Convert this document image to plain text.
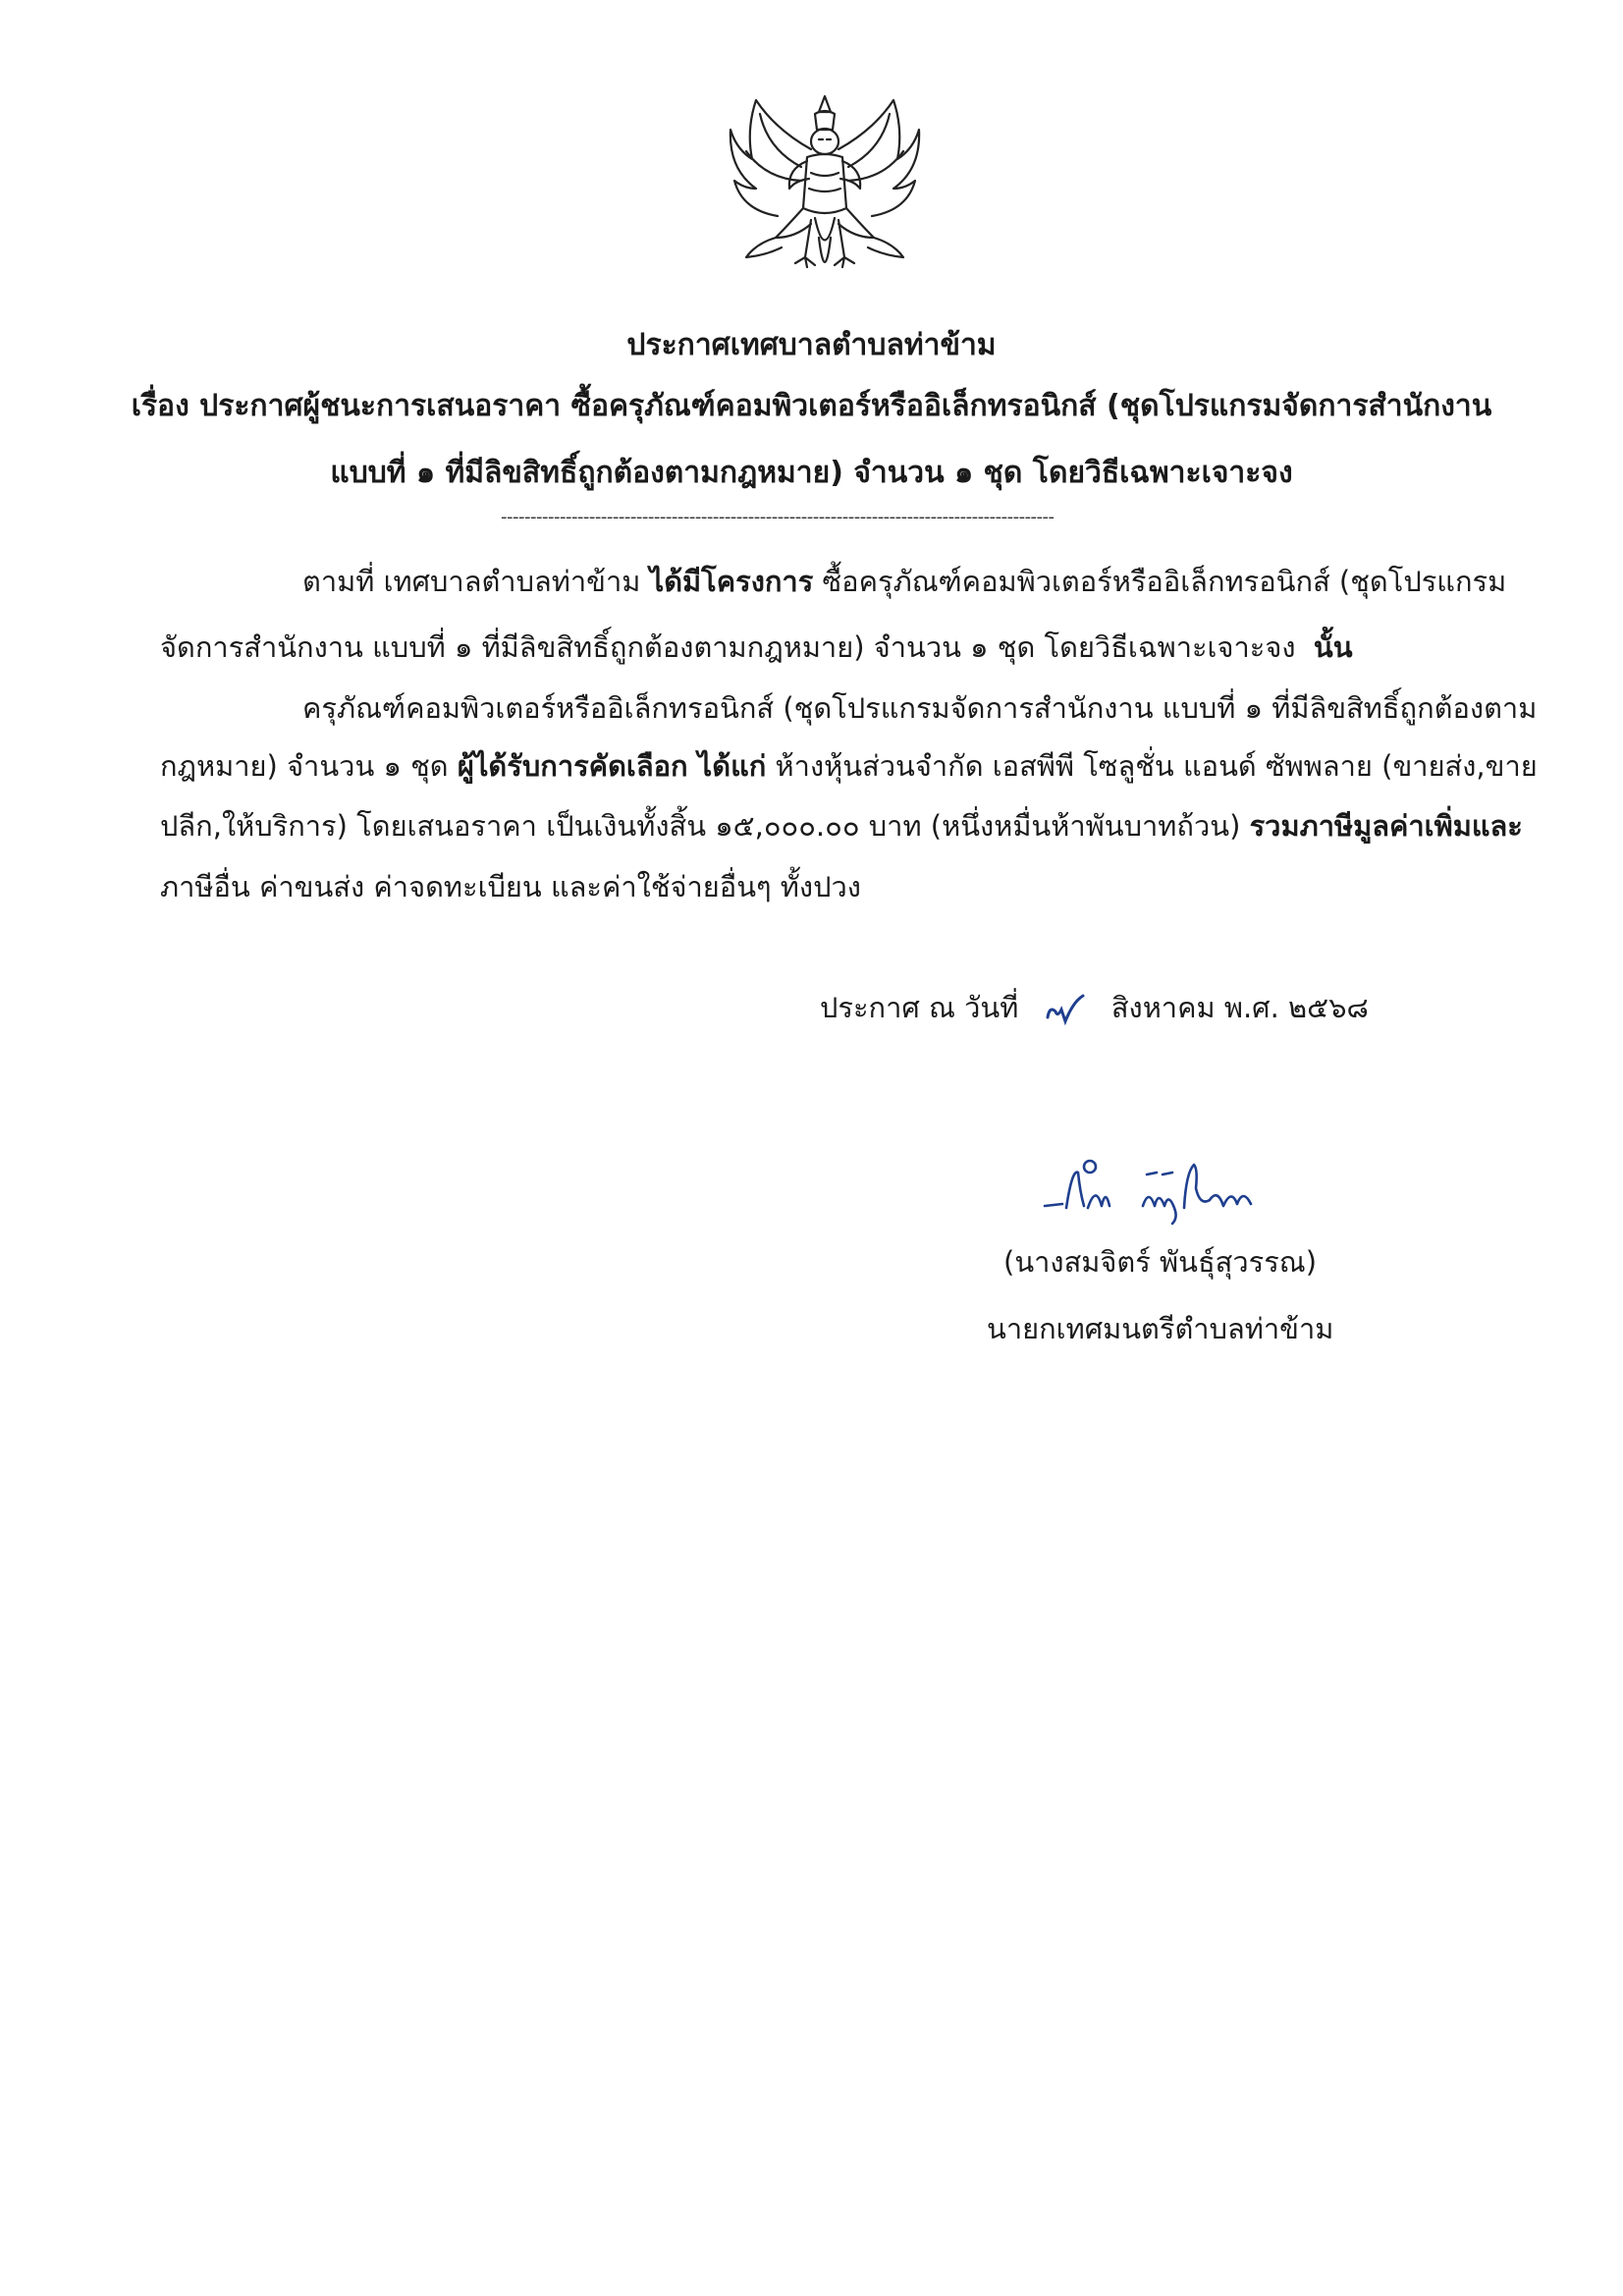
ประกาศเทศบาลตำบลท่าข้าม
เรื่อง ประกาศผู้ชนะการเสนอราคา ซื้อครุภัณฑ์คอมพิวเตอร์หรืออิเล็กทรอนิกส์ (ชุดโปรแกรมจัดการสำนักงาน
แบบที่ ๑ ที่มีลิขสิทธิ์ถูกต้องตามกฎหมาย) จำนวน ๑ ชุด โดยวิธีเฉพาะเจาะจง
----------------------------------------------------------------------------------------------
ตามที่ เทศบาลตำบลท่าข้าม ได้มีโครงการ ซื้อครุภัณฑ์คอมพิวเตอร์หรืออิเล็กทรอนิกส์ (ชุดโปรแกรม
จัดการสำนักงาน แบบที่ ๑ ที่มีลิขสิทธิ์ถูกต้องตามกฎหมาย) จำนวน ๑ ชุด โดยวิธีเฉพาะเจาะจง นั้น
ครุภัณฑ์คอมพิวเตอร์หรืออิเล็กทรอนิกส์ (ชุดโปรแกรมจัดการสำนักงาน แบบที่ ๑ ที่มีลิขสิทธิ์ถูกต้องตาม
กฎหมาย) จำนวน ๑ ชุด ผู้ได้รับการคัดเลือก ได้แก่ ห้างหุ้นส่วนจำกัด เอสพีพี โซลูชั่น แอนด์ ซัพพลาย (ขายส่ง,ขาย
ปลีก,ให้บริการ) โดยเสนอราคา เป็นเงินทั้งสิ้น ๑๕,๐๐๐.๐๐ บาท (หนึ่งหมื่นห้าพันบาทถ้วน) รวมภาษีมูลค่าเพิ่มและ
ภาษีอื่น ค่าขนส่ง ค่าจดทะเบียน และค่าใช้จ่ายอื่นๆ ทั้งปวง
ประกาศ ณ วันที่	สิงหาคม พ.ศ. ๒๕๖๘
(นางสมจิตร์ พันธุ์สุวรรณ)
นายกเทศมนตรีตำบลท่าข้าม
